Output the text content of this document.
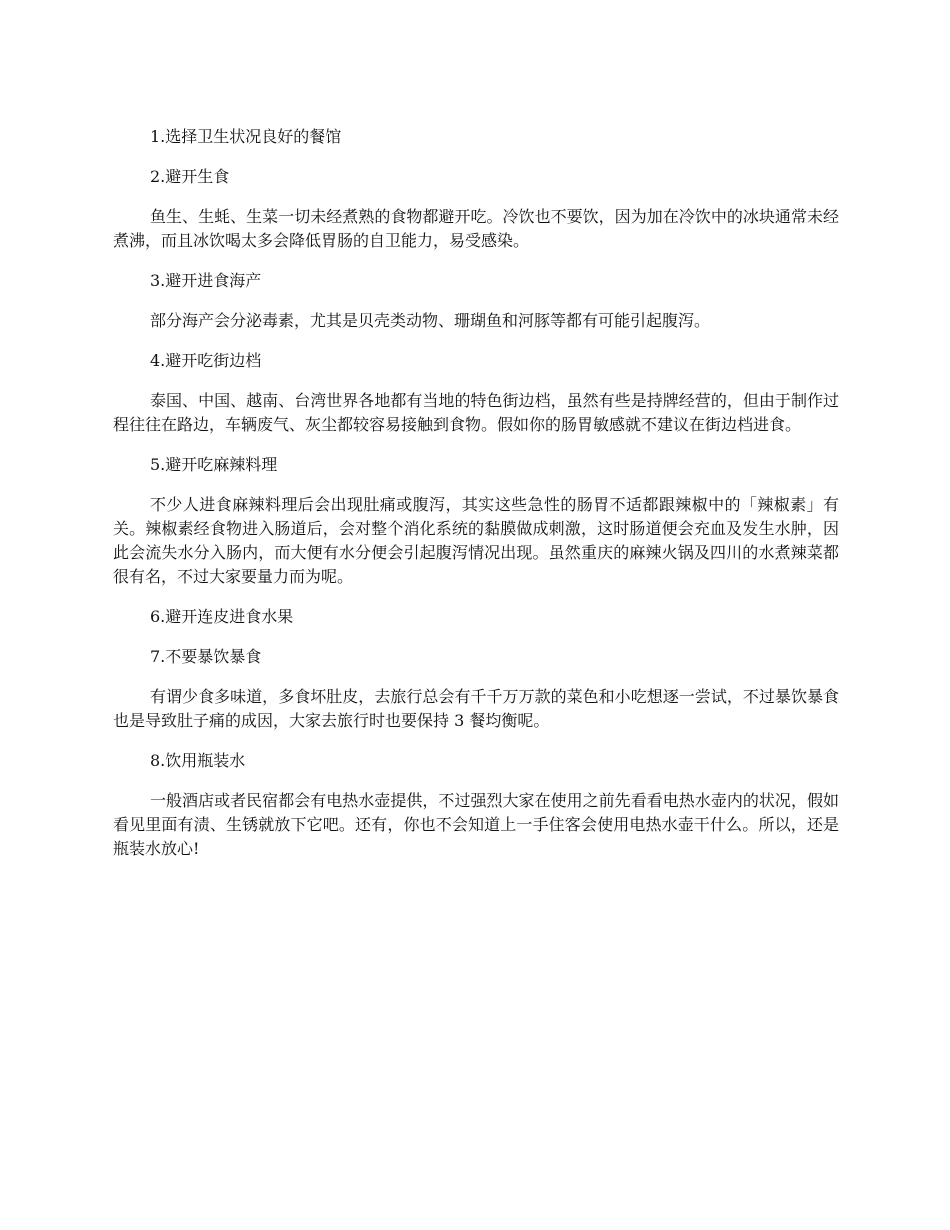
1.选择卫生状况良好的餐馆

2.避开生食

鱼生、生蚝、生菜一切未经煮熟的食物都避开吃。冷饮也不要饮，因为加在冷饮中的冰块通常未经煮沸，而且冰饮喝太多会降低胃肠的自卫能力，易受感染。

3.避开进食海产

部分海产会分泌毒素，尤其是贝壳类动物、珊瑚鱼和河豚等都有可能引起腹泻。

4.避开吃街边档

泰国、中国、越南、台湾世界各地都有当地的特色街边档，虽然有些是持牌经营的，但由于制作过程往往在路边，车辆废气、灰尘都较容易接触到食物。假如你的肠胃敏感就不建议在街边档进食。

5.避开吃麻辣料理

不少人进食麻辣料理后会出现肚痛或腹泻，其实这些急性的肠胃不适都跟辣椒中的「辣椒素」有关。辣椒素经食物进入肠道后，会对整个消化系统的黏膜做成刺激，这时肠道便会充血及发生水肿，因此会流失水分入肠内，而大便有水分便会引起腹泻情况出现。虽然重庆的麻辣火锅及四川的水煮辣菜都很有名，不过大家要量力而为呢。

6.避开连皮进食水果

7.不要暴饮暴食

有谓少食多味道，多食坏肚皮，去旅行总会有千千万万款的菜色和小吃想逐一尝试，不过暴饮暴食也是导致肚子痛的成因，大家去旅行时也要保持 3 餐均衡呢。

8.饮用瓶装水

一般酒店或者民宿都会有电热水壶提供，不过强烈大家在使用之前先看看电热水壶内的状况，假如看见里面有渍、生锈就放下它吧。还有，你也不会知道上一手住客会使用电热水壶干什么。所以，还是瓶装水放心!
